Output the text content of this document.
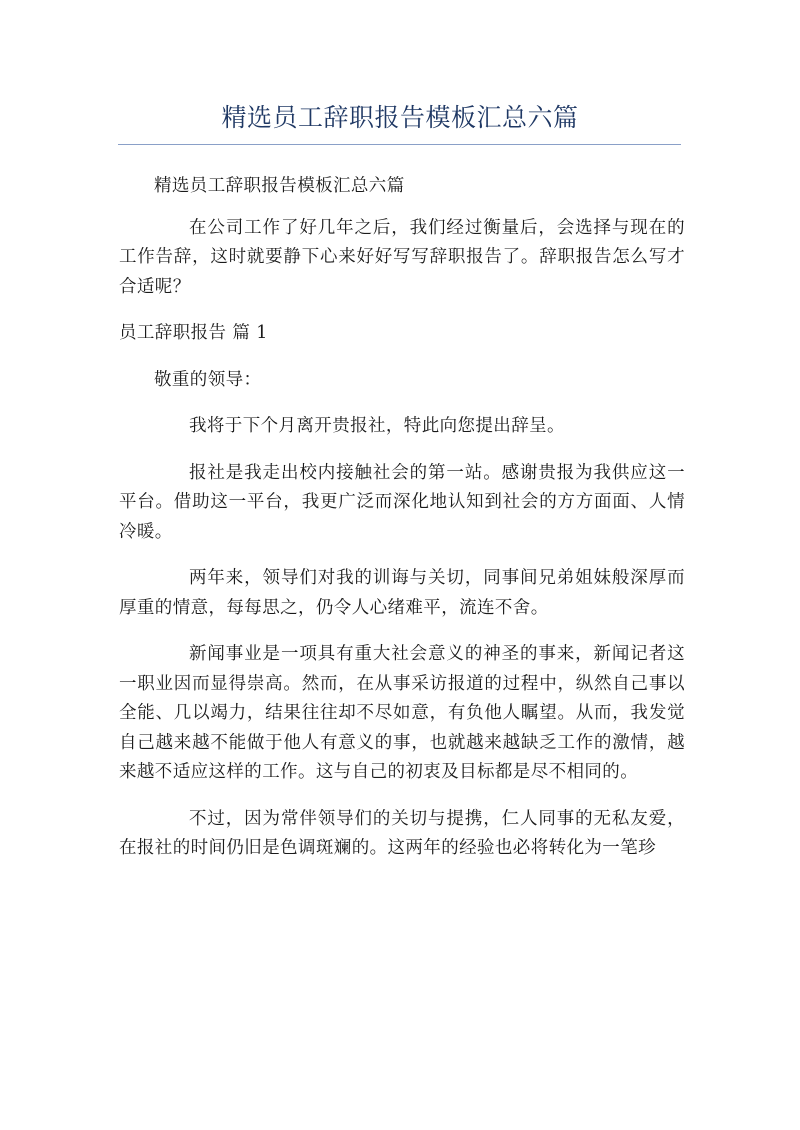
精选员工辞职报告模板汇总六篇

精选员工辞职报告模板汇总六篇

在公司工作了好几年之后，我们经过衡量后，会选择与现在的工作告辞，这时就要静下心来好好写写辞职报告了。辞职报告怎么写才合适呢？

员工辞职报告 篇 1

敬重的领导：

我将于下个月离开贵报社，特此向您提出辞呈。

报社是我走出校内接触社会的第一站。感谢贵报为我供应这一平台。借助这一平台，我更广泛而深化地认知到社会的方方面面、人情冷暖。

两年来，领导们对我的训诲与关切，同事间兄弟姐妹般深厚而厚重的情意，每每思之，仍令人心绪难平，流连不舍。

新闻事业是一项具有重大社会意义的神圣的事来，新闻记者这一职业因而显得崇高。然而，在从事采访报道的过程中，纵然自己事以全能、几以竭力，结果往往却不尽如意，有负他人瞩望。从而，我发觉自己越来越不能做于他人有意义的事，也就越来越缺乏工作的激情，越来越不适应这样的工作。这与自己的初衷及目标都是尽不相同的。

不过，因为常伴领导们的关切与提携，仁人同事的无私友爱，在报社的时间仍旧是色调斑斓的。这两年的经验也必将转化为一笔珍
